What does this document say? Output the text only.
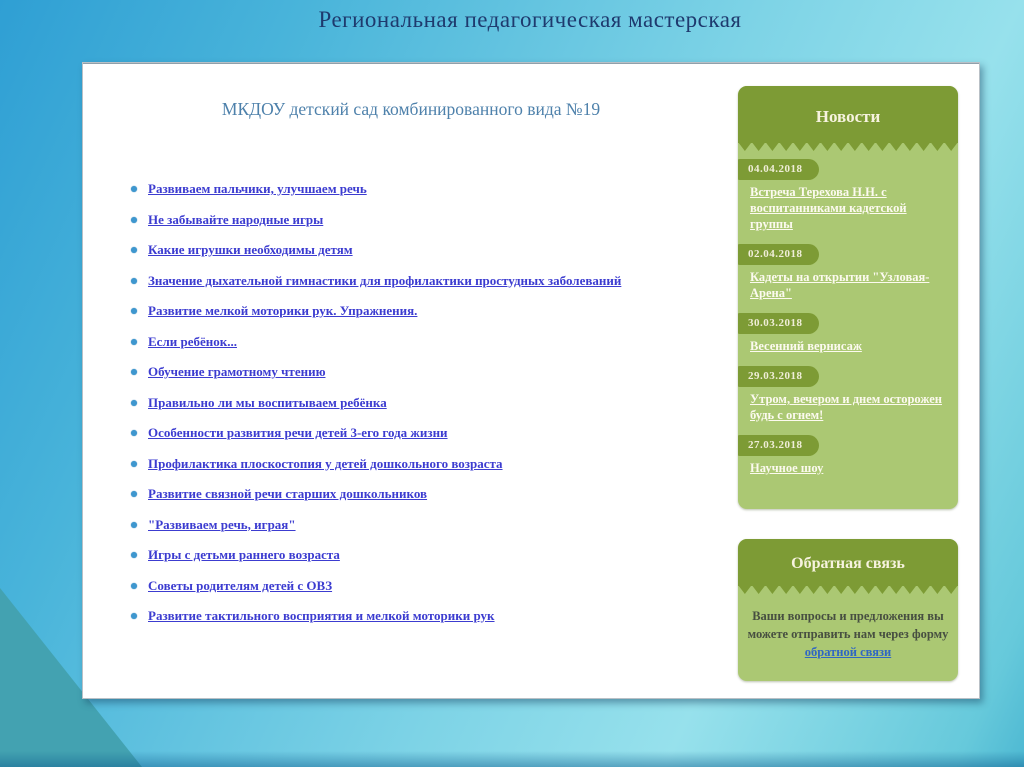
Региональная педагогическая мастерская
МКДОУ детский сад комбинированного вида №19
Развиваем пальчики, улучшаем речь
Не забывайте народные игры
Какие игрушки необходимы детям
Значение дыхательной гимнастики для профилактики простудных заболеваний
Развитие мелкой моторики рук. Упражнения.
Если ребёнок...
Обучение грамотному чтению
Правильно ли мы воспитываем ребёнка
Особенности развития речи детей 3-его года жизни
Профилактика плоскостопия у детей дошкольного возраста
Развитие связной речи старших дошкольников
"Развиваем речь, играя"
Игры с детьми раннего возраста
Советы родителям детей с ОВЗ
Развитие тактильного восприятия и мелкой моторики рук
Новости
04.04.2018
Встреча Терехова Н.Н. с воспитанниками кадетской группы
02.04.2018
Кадеты на открытии "Узловая-Арена"
30.03.2018
Весенний вернисаж
29.03.2018
Утром, вечером и днем осторожен будь с огнем!
27.03.2018
Научное шоу
Обратная связь
Ваши вопросы и предложения вы можете отправить нам через форму обратной связи
